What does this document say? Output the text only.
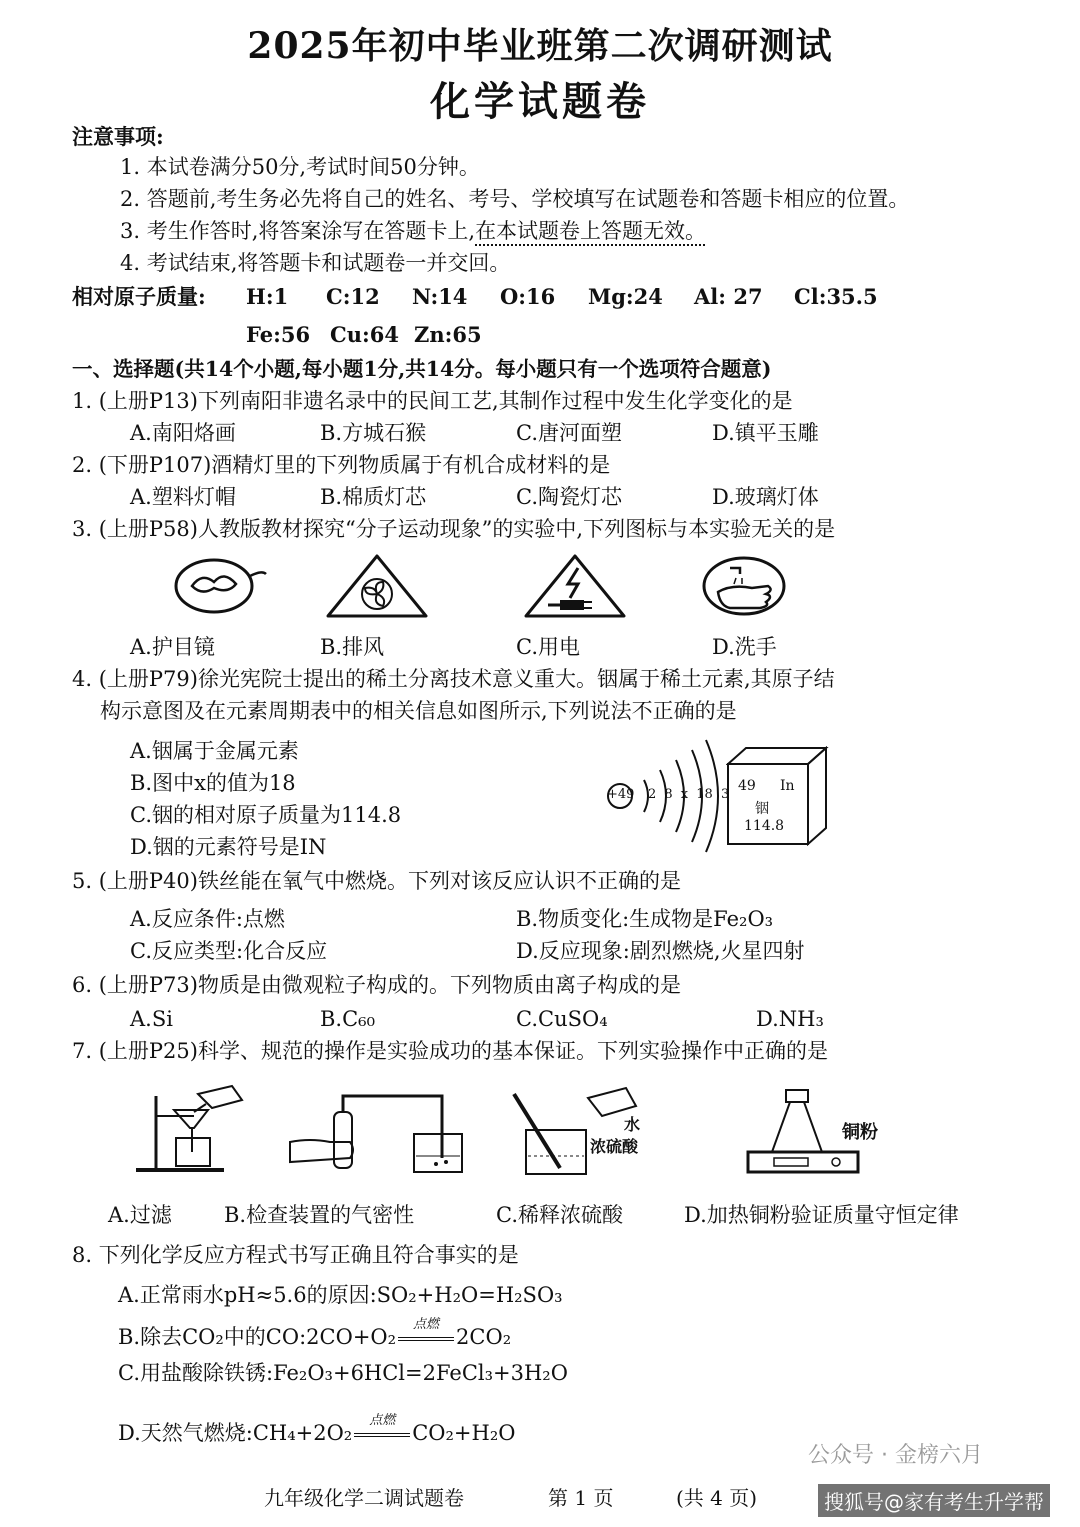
2025年初中毕业班第二次调研测试
化学试题卷
注意事项:
1. 本试卷满分50分,考试时间50分钟。
2. 答题前,考生务必先将自己的姓名、考号、学校填写在试题卷和答题卡相应的位置。
3. 考生作答时,将答案涂写在答题卡上,在本试题卷上答题无效。
4. 考试结束,将答题卡和试题卷一并交回。
相对原子质量: H:1 C:12 N:14 O:16 Mg:24 Al: 27 Cl:35.5
Fe:56 Cu:64 Zn:65
一、选择题(共14个小题,每小题1分,共14分。每小题只有一个选项符合题意)
1. (上册P13)下列南阳非遗名录中的民间工艺,其制作过程中发生化学变化的是
A.南阳烙画	B.方城石猴	C.唐河面塑	D.镇平玉雕
2. (下册P107)酒精灯里的下列物质属于有机合成材料的是
A.塑料灯帽	B.棉质灯芯	C.陶瓷灯芯	D.玻璃灯体
3. (上册P58)人教版教材探究“分子运动现象”的实验中,下列图标与本实验无关的是
A.护目镜	B.排风	C.用电	D.洗手
4. (上册P79)徐光宪院士提出的稀土分离技术意义重大。铟属于稀土元素,其原子结
构示意图及在元素周期表中的相关信息如图所示,下列说法不正确的是
A.铟属于金属元素
B.图中x的值为18
C.铟的相对原子质量为114.8
D.铟的元素符号是IN
+49 2 8 x 18 3
49 In
铟
114.8
5. (上册P40)铁丝能在氧气中燃烧。下列对该反应认识不正确的是
A.反应条件:点燃	B.物质变化:生成物是Fe₂O₃
C.反应类型:化合反应	D.反应现象:剧烈燃烧,火星四射
6. (上册P73)物质是由微观粒子构成的。下列物质由离子构成的是
A.Si	B.C₆₀	C.CuSO₄	D.NH₃
7. (上册P25)科学、规范的操作是实验成功的基本保证。下列实验操作中正确的是
水
浓硫酸
铜粉
A.过滤 B.检查装置的气密性	C.稀释浓硫酸	D.加热铜粉验证质量守恒定律
8. 下列化学反应方程式书写正确且符合事实的是
A.正常雨水pH≈5.6的原因:SO₂+H₂O=H₂SO₃
B.除去CO₂中的CO:2CO+O₂
点燃
2CO₂
C.用盐酸除铁锈:Fe₂O₃+6HCl=2FeCl₃+3H₂O
D.天然气燃烧:CH₄+2O₂
点燃
CO₂+H₂O
九年级化学二调试题卷	第 1 页	(共 4 页)
公众号 · 金榜六月
搜狐号@家有考生升学帮
